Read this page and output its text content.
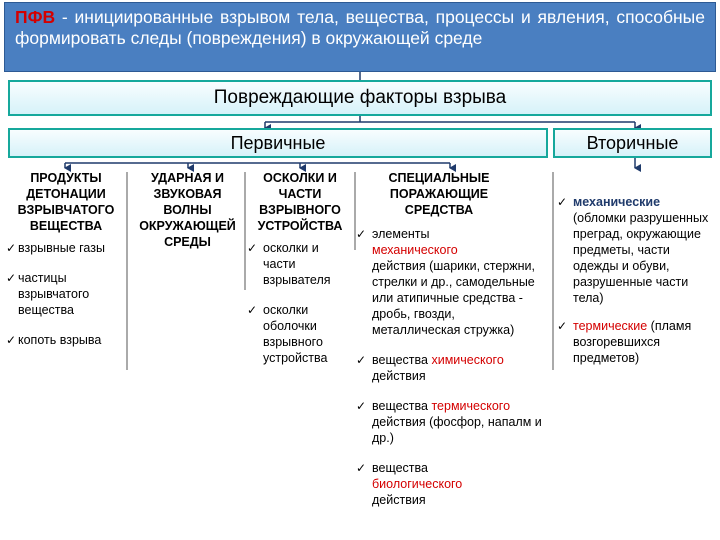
ПФВ - инициированные взрывом тела, вещества, процессы и явления, способные формировать следы (повреждения) в окружающей среде
Повреждающие факторы взрыва
Первичные	Вторичные
ПРОДУКТЫ ДЕТОНАЦИИ ВЗРЫВЧАТОГО ВЕЩЕСТВА
✓ взрывные газы
✓ частицы взрывчатого вещества
✓ копоть взрыва
УДАРНАЯ И ЗВУКОВАЯ ВОЛНЫ ОКРУЖАЮЩЕЙ СРЕДЫ
ОСКОЛКИ И ЧАСТИ ВЗРЫВНОГО УСТРОЙСТВА
✓ осколки и части взрывателя
✓ осколки оболочки взрывного устройства
СПЕЦИАЛЬНЫЕ ПОРАЖАЮЩИЕ СРЕДСТВА
✓ элементы
механического
действия (шарики, стержни, стрелки и др., самодельные или атипичные средства - дробь, гвозди, металлическая стружка)
✓ вещества химического
действия
✓ вещества термического
действия (фосфор, напалм и др.)
✓ вещества
биологического
действия
✓ механические
(обломки разрушенных преград, окружающие предметы, части одежды и обуви, разрушенные части тела)
✓ термические (пламя возгоревшихся предметов)
